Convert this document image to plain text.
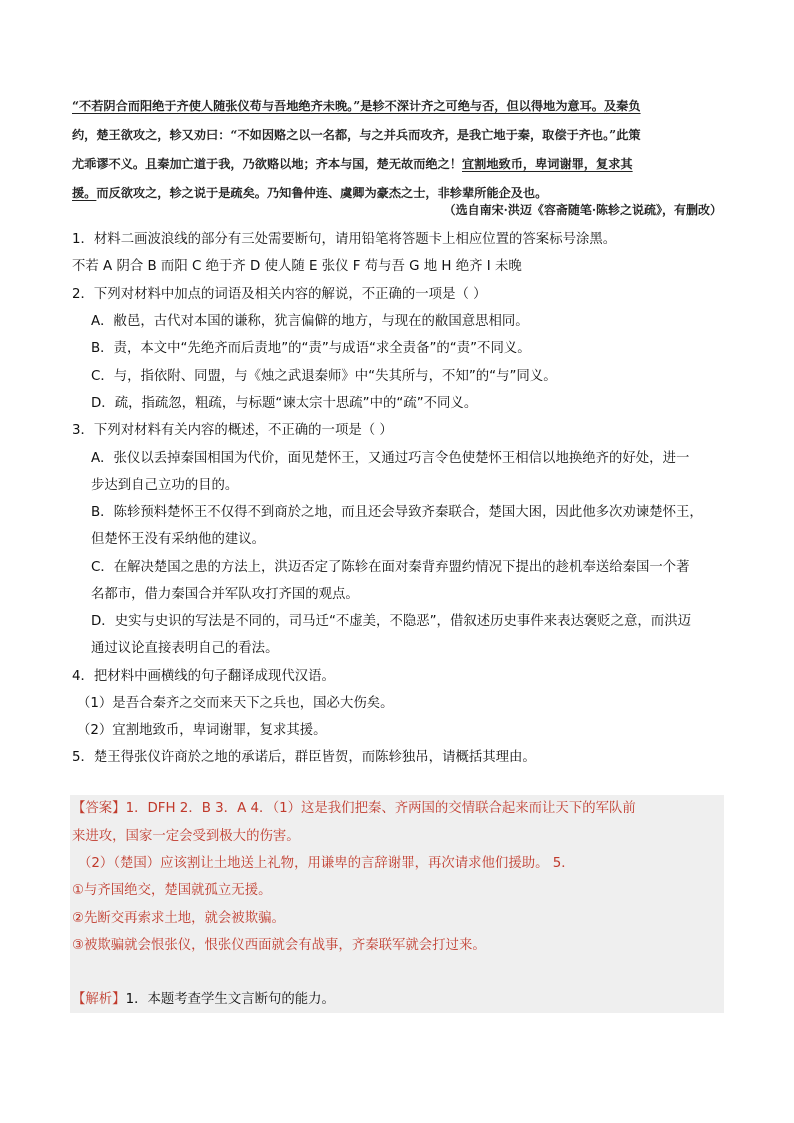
“不若阴合而阳绝于齐使人随张仪苟与吾地绝齐未晚。”是轸不深计齐之可绝与否，但以得地为意耳。及秦负

约，楚王欲攻之，轸又劝曰：“不如因赂之以一名都，与之并兵而攻齐，是我亡地于秦，取偿于齐也。”此策

尤乖谬不义。且秦加亡道于我，乃欲赂以地；齐本与国，楚无故而绝之！宜割地致币，卑词谢罪，复求其

援。而反欲攻之，轸之说于是疏矣。乃知鲁仲连、虞卿为豪杰之士，非轸辈所能企及也。

（选自南宋·洪迈《容斋随笔·陈轸之说疏》，有删改）
1．材料二画波浪线的部分有三处需要断句，请用铅笔将答题卡上相应位置的答案标号涂黑。
不若 A 阴合 B 而阳 C 绝于齐 D 使人随 E 张仪 F 苟与吾 G 地 H 绝齐 I 未晚
2．下列对材料中加点的词语及相关内容的解说，不正确的一项是（ ）
A．敝邑，古代对本国的谦称，犹言偏僻的地方，与现在的敝国意思相同。
B．责，本文中“先绝齐而后责地”的“责”与成语“求全责备”的“责”不同义。
C．与，指依附、同盟，与《烛之武退秦师》中“失其所与，不知”的“与”同义。
D．疏，指疏忽，粗疏，与标题“谏太宗十思疏”中的“疏”不同义。
3．下列对材料有关内容的概述，不正确的一项是（ ）
A．张仪以丢掉秦国相国为代价，面见楚怀王，又通过巧言令色使楚怀王相信以地换绝齐的好处，进一
步达到自己立功的目的。
B．陈轸预料楚怀王不仅得不到商於之地，而且还会导致齐秦联合，楚国大困，因此他多次劝谏楚怀王，
但楚怀王没有采纳他的建议。
C．在解决楚国之患的方法上，洪迈否定了陈轸在面对秦背弃盟约情况下提出的趁机奉送给秦国一个著
名都市，借力秦国合并军队攻打齐国的观点。
D．史实与史识的写法是不同的，司马迁“不虚美，不隐恶”，借叙述历史事件来表达褒贬之意，而洪迈
通过议论直接表明自己的看法。
4．把材料中画横线的句子翻译成现代汉语。
（1）是吾合秦齐之交而来天下之兵也，国必大伤矣。
（2）宜割地致币，卑词谢罪，复求其援。
5．楚王得张仪许商於之地的承诺后，群臣皆贺，而陈轸独吊，请概括其理由。
【答案】1．DFH 2．B 3．A 4．（1）这是我们把秦、齐两国的交情联合起来而让天下的军队前
来进攻，国家一定会受到极大的伤害。
（2）（楚国）应该割让土地送上礼物，用谦卑的言辞谢罪，再次请求他们援助。 5．
①与齐国绝交，楚国就孤立无援。
②先断交再索求土地，就会被欺骗。
③被欺骗就会恨张仪，恨张仪西面就会有战事，齐秦联军就会打过来。
【解析】1．本题考查学生文言断句的能力。
